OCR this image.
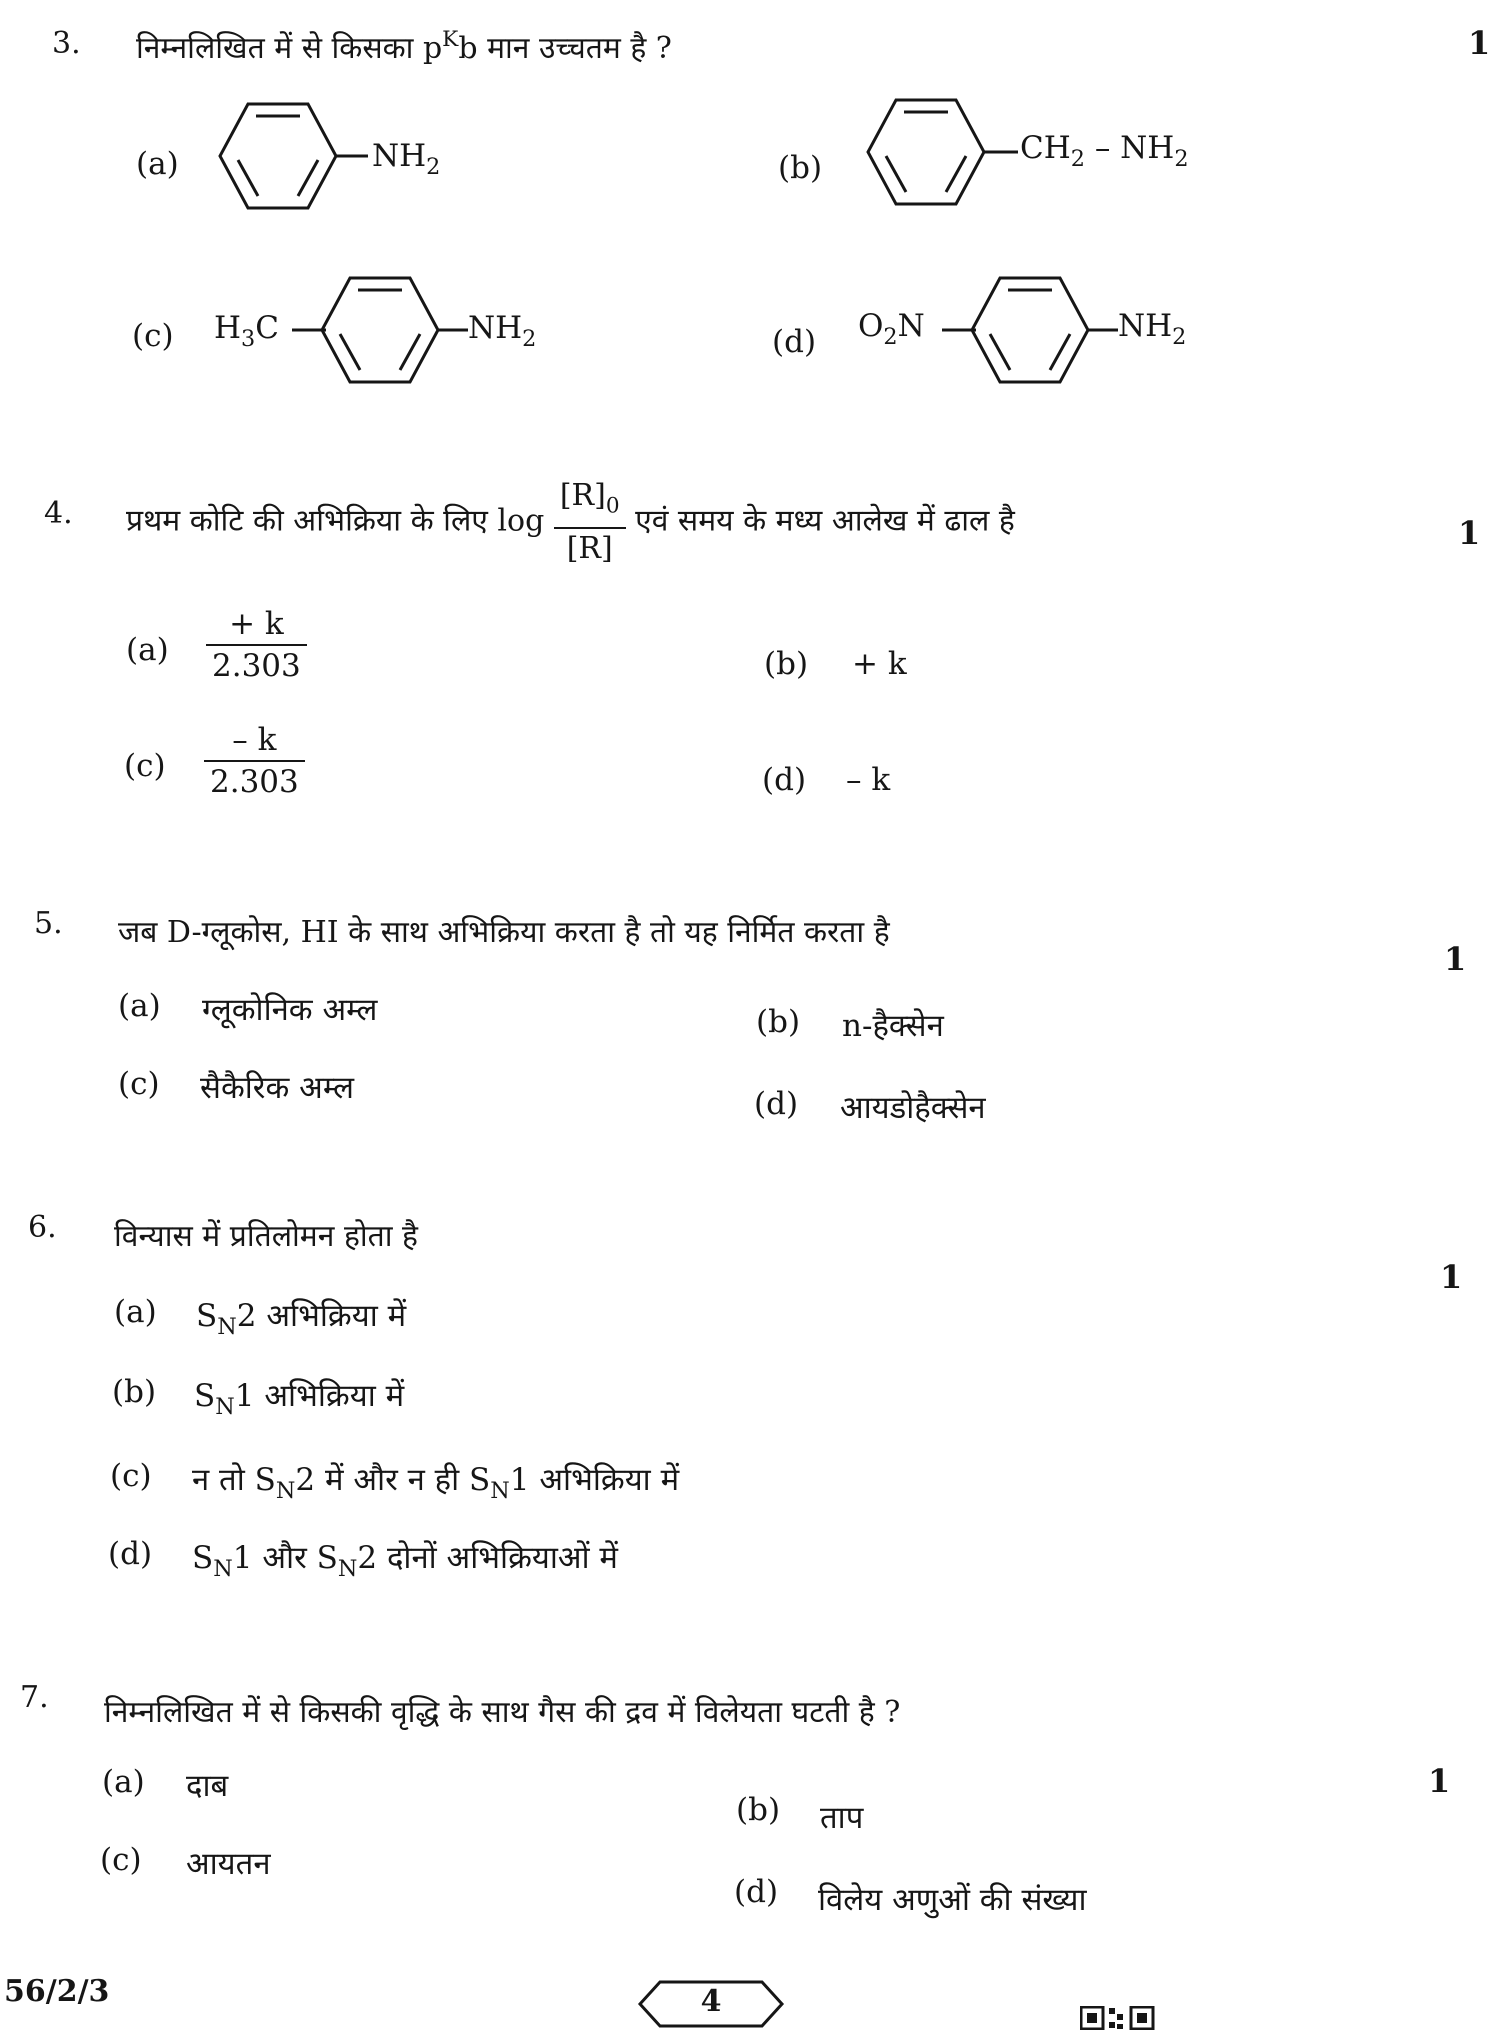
3. निम्नलिखित में से किसका $p^Kb$ मान उच्चतम है ?	1
(a)	$NH_2$	(b)
$CH_2 - NH_2$
(c) $H_3C$	$NH_2$	(d) $O_2N$	$NH_2$
4. प्रथम कोटि की अभिक्रिया के लिए $\log \frac{[R]_0}{[R]}$ एवं समय के मध्य आलेख में ढाल है	1
$(a) \frac{+ k}{2.303}$	(b) + k
$(c) \frac{- k}{2.303}$	(d) – k
5. जब D-ग्लूकोस, HI के साथ अभिक्रिया करता है तो यह निर्मित करता है
1
(a) ग्लूकोनिक अम्ल	(b) n-हैक्सेन
(c) सैकैरिक अम्ल	(d) आयडोहैक्सेन
6. विन्यास में प्रतिलोमन होता है
1
(a) $S_N2$ अभिक्रिया में
(b) $S_N1$ अभिक्रिया में
(c) न तो $S_N2$ में और न ही $S_N1$ अभिक्रिया में
(d) $S_N1$ और $S_N2$ दोनों अभिक्रियाओं में
7. निम्नलिखित में से किसकी वृद्धि के साथ गैस की द्रव में विलेयता घटती है ?
1
(a) दाब
(b) ताप
(c) आयतन
(d) विलेय अणुओं की संख्या
56/2/3	4
